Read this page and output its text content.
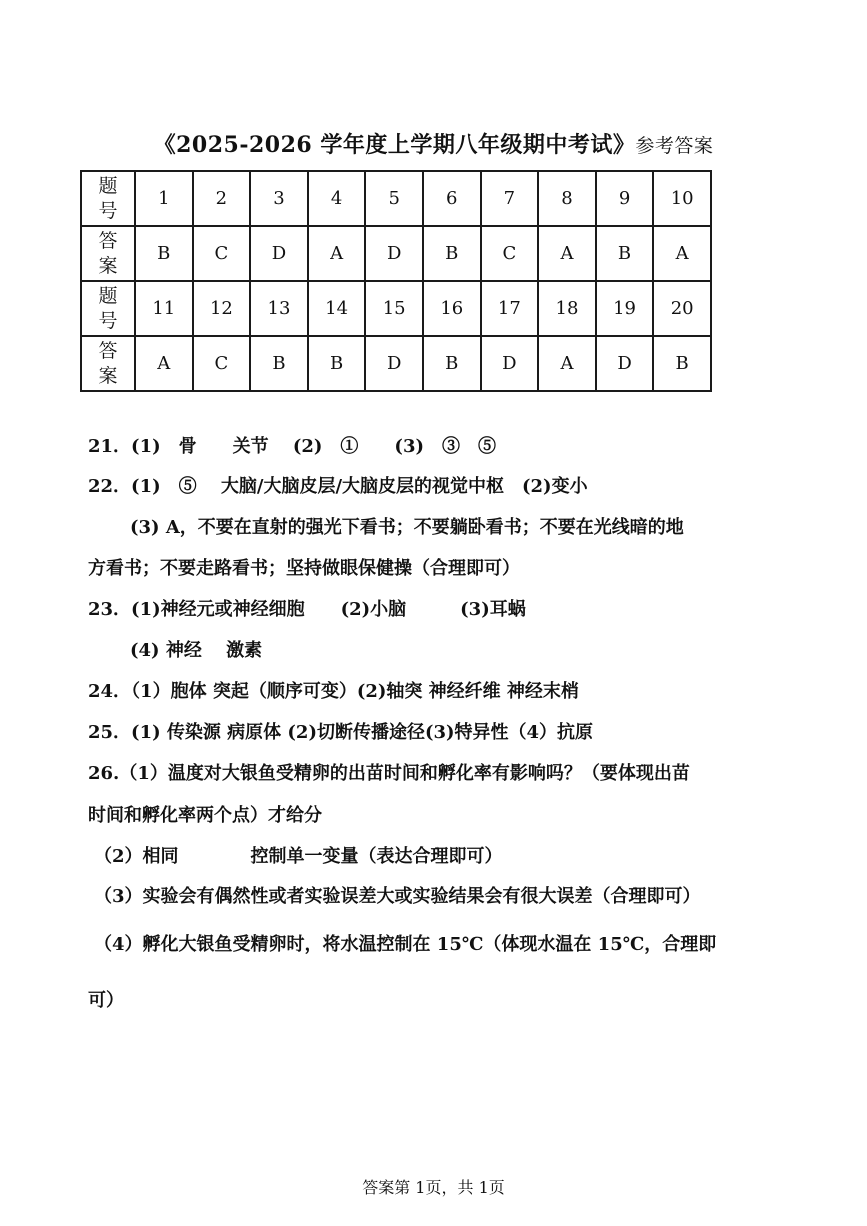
《2025-2026 学年度上学期八年级期中考试》参考答案
题
号	1	2	3	4	5	6	7	8	9	10
答
案	B	C	D	A	D	B	C	A	B	A
题
号	11	12	13	14	15	16	17	18	19	20
答
案	A	C	B	B	D	B	D	A	D	B
21．(1)　骨　　关节　 (2)　①　　(3)　③　⑤
22．(1)　⑤　 大脑/大脑皮层/大脑皮层的视觉中枢　(2)变小
(3) A，不要在直射的强光下看书；不要躺卧看书；不要在光线暗的地
方看书；不要走路看书；坚持做眼保健操（合理即可）
23．(1)神经元或神经细胞　　(2)小脑　　　(3)耳蜗
(4) 神经　 激素
24．（1）胞体 突起（顺序可变）(2)轴突 神经纤维 神经末梢
25．(1) 传染源 病原体 (2)切断传播途径(3)特异性（4）抗原
26.（1）温度对大银鱼受精卵的出苗时间和孵化率有影响吗？（要体现出苗
时间和孵化率两个点）才给分
（2）相同　　　　控制单一变量（表达合理即可）
（3）实验会有偶然性或者实验误差大或实验结果会有很大误差（合理即可）
（4）孵化大银鱼受精卵时，将水温控制在 15℃（体现水温在 15℃，合理即
可）
答案第 1页，共 1页
